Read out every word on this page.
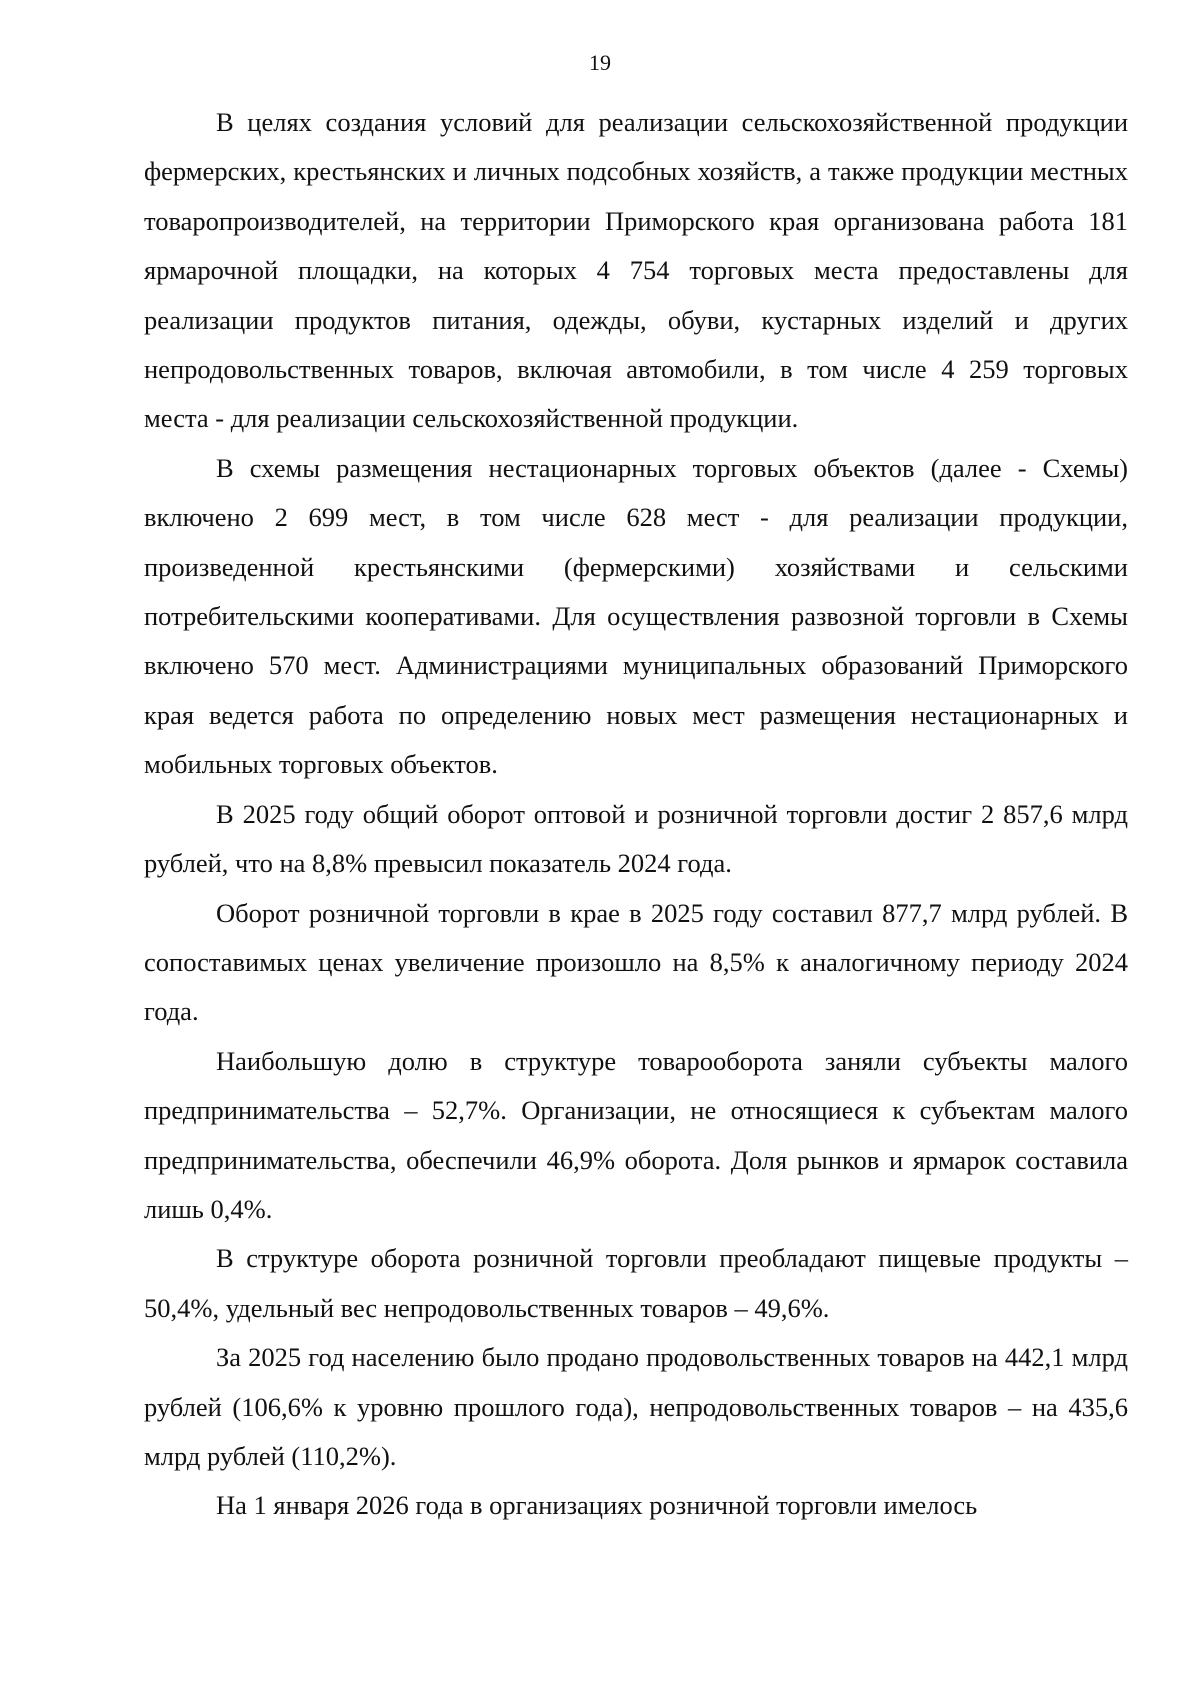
19

В целях создания условий для реализации сельскохозяйственной продукции фермерских, крестьянских и личных подсобных хозяйств, а также продукции местных товаропроизводителей, на территории Приморского края организована работа 181 ярмарочной площадки, на которых 4 754 торговых места предоставлены для реализации продуктов питания, одежды, обуви, кустарных изделий и других непродовольственных товаров, включая автомобили, в том числе 4 259 торговых места - для реализации сельскохозяйственной продукции.

В схемы размещения нестационарных торговых объектов (далее - Схемы) включено 2 699 мест, в том числе 628 мест - для реализации продукции, произведенной крестьянскими (фермерскими) хозяйствами и сельскими потребительскими кооперативами. Для осуществления развозной торговли в Схемы включено 570 мест. Администрациями муниципальных образований Приморского края ведется работа по определению новых мест размещения нестационарных и мобильных торговых объектов.

В 2025 году общий оборот оптовой и розничной торговли достиг 2 857,6 млрд рублей, что на 8,8% превысил показатель 2024 года.

Оборот розничной торговли в крае в 2025 году составил 877,7 млрд рублей. В сопоставимых ценах увеличение произошло на 8,5% к аналогичному периоду 2024 года.

Наибольшую долю в структуре товарооборота заняли субъекты малого предпринимательства – 52,7%. Организации, не относящиеся к субъектам малого предпринимательства, обеспечили 46,9% оборота. Доля рынков и ярмарок составила лишь 0,4%.

В структуре оборота розничной торговли преобладают пищевые продукты – 50,4%, удельный вес непродовольственных товаров – 49,6%.

За 2025 год населению было продано продовольственных товаров на 442,1 млрд рублей (106,6% к уровню прошлого года), непродовольственных товаров – на 435,6 млрд рублей (110,2%).

На 1 января 2026 года в организациях розничной торговли имелось
